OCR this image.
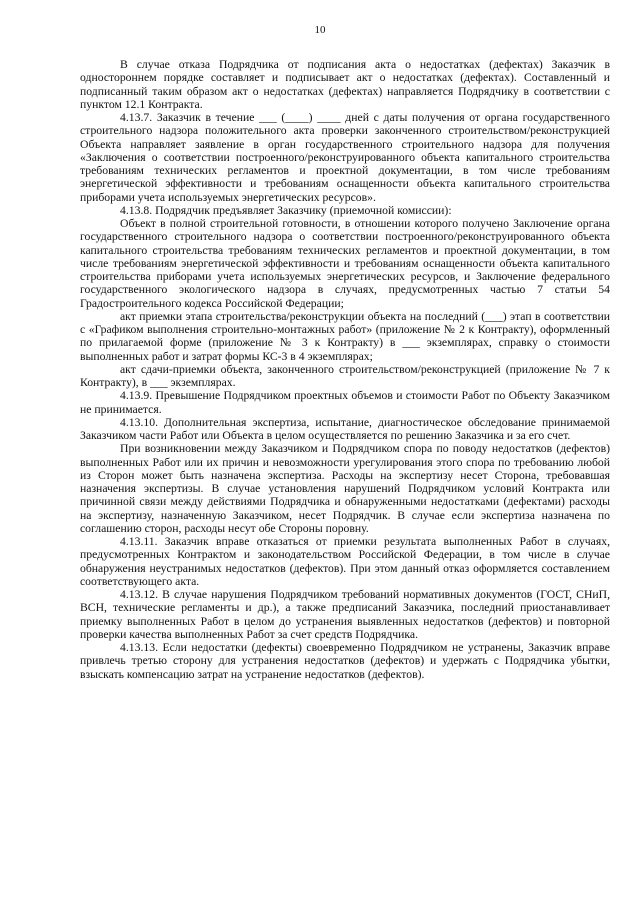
10

В случае отказа Подрядчика от подписания акта о недостатках (дефектах) Заказчик в одностороннем порядке составляет и подписывает акт о недостатках (дефектах). Составленный и подписанный таким образом акт о недостатках (дефектах) направляется Подрядчику в соответствии с пунктом 12.1 Контракта.

4.13.7. Заказчик в течение ___ (____) ____ дней с даты получения от органа государственного строительного надзора положительного акта проверки законченного строительством/реконструкцией Объекта направляет заявление в орган государственного строительного надзора для получения «Заключения о соответствии построенного/реконструированного объекта капитального строительства требованиям технических регламентов и проектной документации, в том числе требованиям энергетической эффективности и требованиям оснащенности объекта капитального строительства приборами учета используемых энергетических ресурсов».

4.13.8. Подрядчик предъявляет Заказчику (приемочной комиссии):

Объект в полной строительной готовности, в отношении которого получено Заключение органа государственного строительного надзора о соответствии построенного/реконструированного объекта капитального строительства требованиям технических регламентов и проектной документации, в том числе требованиям энергетической эффективности и требованиям оснащенности объекта капитального строительства приборами учета используемых энергетических ресурсов, и Заключение федерального государственного экологического надзора в случаях, предусмотренных частью 7 статьи 54 Градостроительного кодекса Российской Федерации;

акт приемки этапа строительства/реконструкции объекта на последний (___) этап в соответствии с «Графиком выполнения строительно-монтажных работ» (приложение № 2 к Контракту), оформленный по прилагаемой форме (приложение № 3 к Контракту) в ___ экземплярах, справку о стоимости выполненных работ и затрат формы КС-3 в 4 экземплярах;

акт сдачи-приемки объекта, законченного строительством/реконструкцией (приложение № 7 к Контракту), в ___ экземплярах.

4.13.9. Превышение Подрядчиком проектных объемов и стоимости Работ по Объекту Заказчиком не принимается.

4.13.10. Дополнительная экспертиза, испытание, диагностическое обследование принимаемой Заказчиком части Работ или Объекта в целом осуществляется по решению Заказчика и за его счет.

При возникновении между Заказчиком и Подрядчиком спора по поводу недостатков (дефектов) выполненных Работ или их причин и невозможности урегулирования этого спора по требованию любой из Сторон может быть назначена экспертиза. Расходы на экспертизу несет Сторона, требовавшая назначения экспертизы. В случае установления нарушений Подрядчиком условий Контракта или причинной связи между действиями Подрядчика и обнаруженными недостатками (дефектами) расходы на экспертизу, назначенную Заказчиком, несет Подрядчик. В случае если экспертиза назначена по соглашению сторон, расходы несут обе Стороны поровну.

4.13.11. Заказчик вправе отказаться от приемки результата выполненных Работ в случаях, предусмотренных Контрактом и законодательством Российской Федерации, в том числе в случае обнаружения неустранимых недостатков (дефектов). При этом данный отказ оформляется составлением соответствующего акта.

4.13.12. В случае нарушения Подрядчиком требований нормативных документов (ГОСТ, СНиП, ВСН, технические регламенты и др.), а также предписаний Заказчика, последний приостанавливает приемку выполненных Работ в целом до устранения выявленных недостатков (дефектов) и повторной проверки качества выполненных Работ за счет средств Подрядчика.

4.13.13. Если недостатки (дефекты) своевременно Подрядчиком не устранены, Заказчик вправе привлечь третью сторону для устранения недостатков (дефектов) и удержать с Подрядчика убытки, взыскать компенсацию затрат на устранение недостатков (дефектов).
